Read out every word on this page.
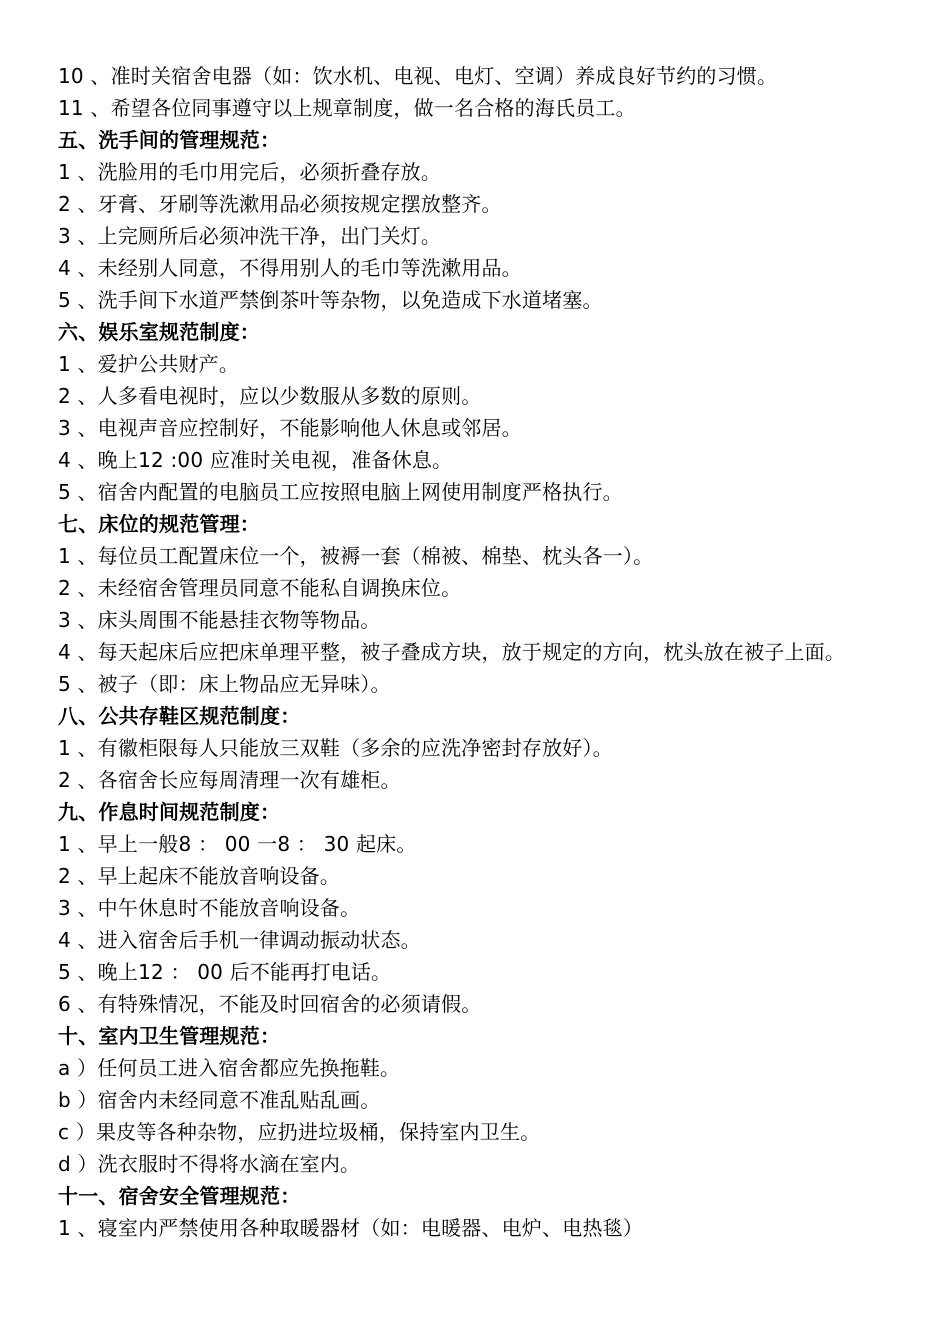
10 、准时关宿舍电器（如：饮水机、电视、电灯、空调）养成良好节约的习惯。
11 、希望各位同事遵守以上规章制度，做一名合格的海氏员工。
五、洗手间的管理规范：
1 、洗脸用的毛巾用完后，必须折叠存放。
2 、牙膏、牙刷等洗漱用品必须按规定摆放整齐。
3 、上完厕所后必须冲洗干净，出门关灯。
4 、未经别人同意，不得用别人的毛巾等洗漱用品。
5 、洗手间下水道严禁倒茶叶等杂物，以免造成下水道堵塞。
六、娱乐室规范制度：
1 、爱护公共财产。
2 、人多看电视时，应以少数服从多数的原则。
3 、电视声音应控制好，不能影响他人休息或邻居。
4 、晚上12 :00 应准时关电视，准备休息。
5 、宿舍内配置的电脑员工应按照电脑上网使用制度严格执行。
七、床位的规范管理：
1 、每位员工配置床位一个，被褥一套（棉被、棉垫、枕头各一）。
2 、未经宿舍管理员同意不能私自调换床位。
3 、床头周围不能悬挂衣物等物品。
4 、每天起床后应把床单理平整，被子叠成方块，放于规定的方向，枕头放在被子上面。
5 、被子（即：床上物品应无异味）。
八、公共存鞋区规范制度：
1 、有徽柜限每人只能放三双鞋（多余的应洗净密封存放好）。
2 、各宿舍长应每周清理一次有雄柜。
九、作息时间规范制度：
1 、早上一般8 ： 00 一8 ： 30 起床。
2 、早上起床不能放音响设备。
3 、中午休息时不能放音响设备。
4 、进入宿舍后手机一律调动振动状态。
5 、晚上12 ： 00 后不能再打电话。
6 、有特殊情况，不能及时回宿舍的必须请假。
十、室内卫生管理规范：
a ）任何员工进入宿舍都应先换拖鞋。
b ）宿舍内未经同意不准乱贴乱画。
c ）果皮等各种杂物，应扔进垃圾桶，保持室内卫生。
d ）洗衣服时不得将水滴在室内。
十一、宿舍安全管理规范：
1 、寝室内严禁使用各种取暖器材（如：电暖器、电炉、电热毯）
